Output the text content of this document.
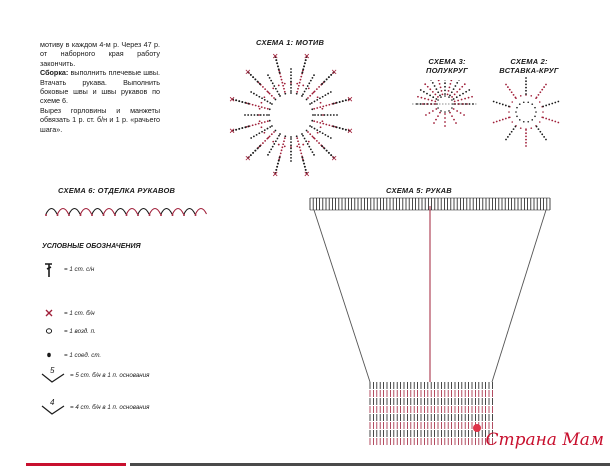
мотиву в каждом 4-м р. Через 47 р. от наборного края работу закончить.

Сборка: выполнить плечевые швы. Втачать рукава. Выполнить боковые швы и швы рукавов по схеме 6.

Вырез горловины и манжеты обвязать 1 р. ст. б/н и 1 р. «рачьего шага».

СХЕМА 1: МОТИВ
СХЕМА 3:
ПОЛУКРУГ
СХЕМА 2:
ВСТАВКА-КРУГ
СХЕМА 6: ОТДЕЛКА РУКАВОВ	СХЕМА 5: РУКАВ
УСЛОВНЫЕ ОБОЗНАЧЕНИЯ
= 1 ст. с/н
= 1 ст. б/н
= 1 возд. п.
= 1 соед. ст.
5	= 5 ст. б/н в 1 п. основания
4	= 4 ст. б/н в 1 п. основания
Страна Мам
